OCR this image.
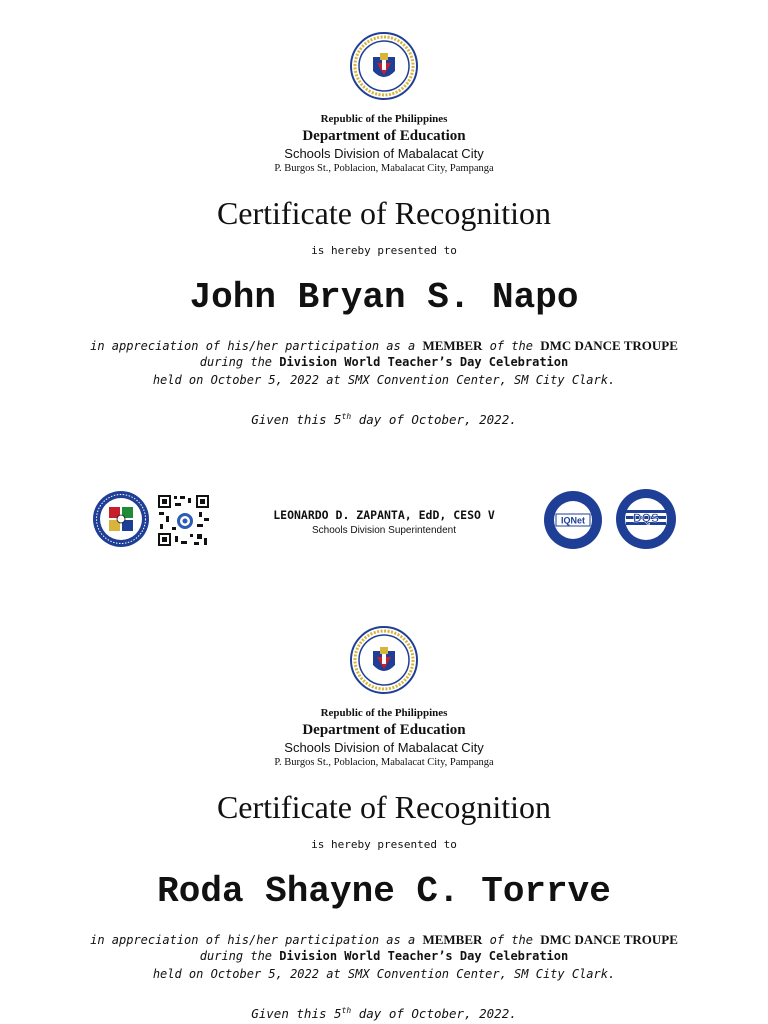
Republic of the Philippines
Department of Education
Schools Division of Mabalacat City
P. Burgos St., Poblacion, Mabalacat City, Pampanga
Certificate of Recognition
is hereby presented to
John Bryan S. Napo
in appreciation of his/her participation as a MEMBER of the DMC DANCE TROUPE
during the Division World Teacher’s Day Celebration
held on October 5, 2022 at SMX Convention Center, SM City Clark.
Given this 5th day of October, 2022.
LEONARDO D. ZAPANTA, EdD, CESO V
Schools Division Superintendent
IQNet	DQS
Republic of the Philippines
Department of Education
Schools Division of Mabalacat City
P. Burgos St., Poblacion, Mabalacat City, Pampanga
Certificate of Recognition
is hereby presented to
Roda Shayne C. Torrve
in appreciation of his/her participation as a MEMBER of the DMC DANCE TROUPE
during the Division World Teacher’s Day Celebration
held on October 5, 2022 at SMX Convention Center, SM City Clark.
Given this 5th day of October, 2022.
